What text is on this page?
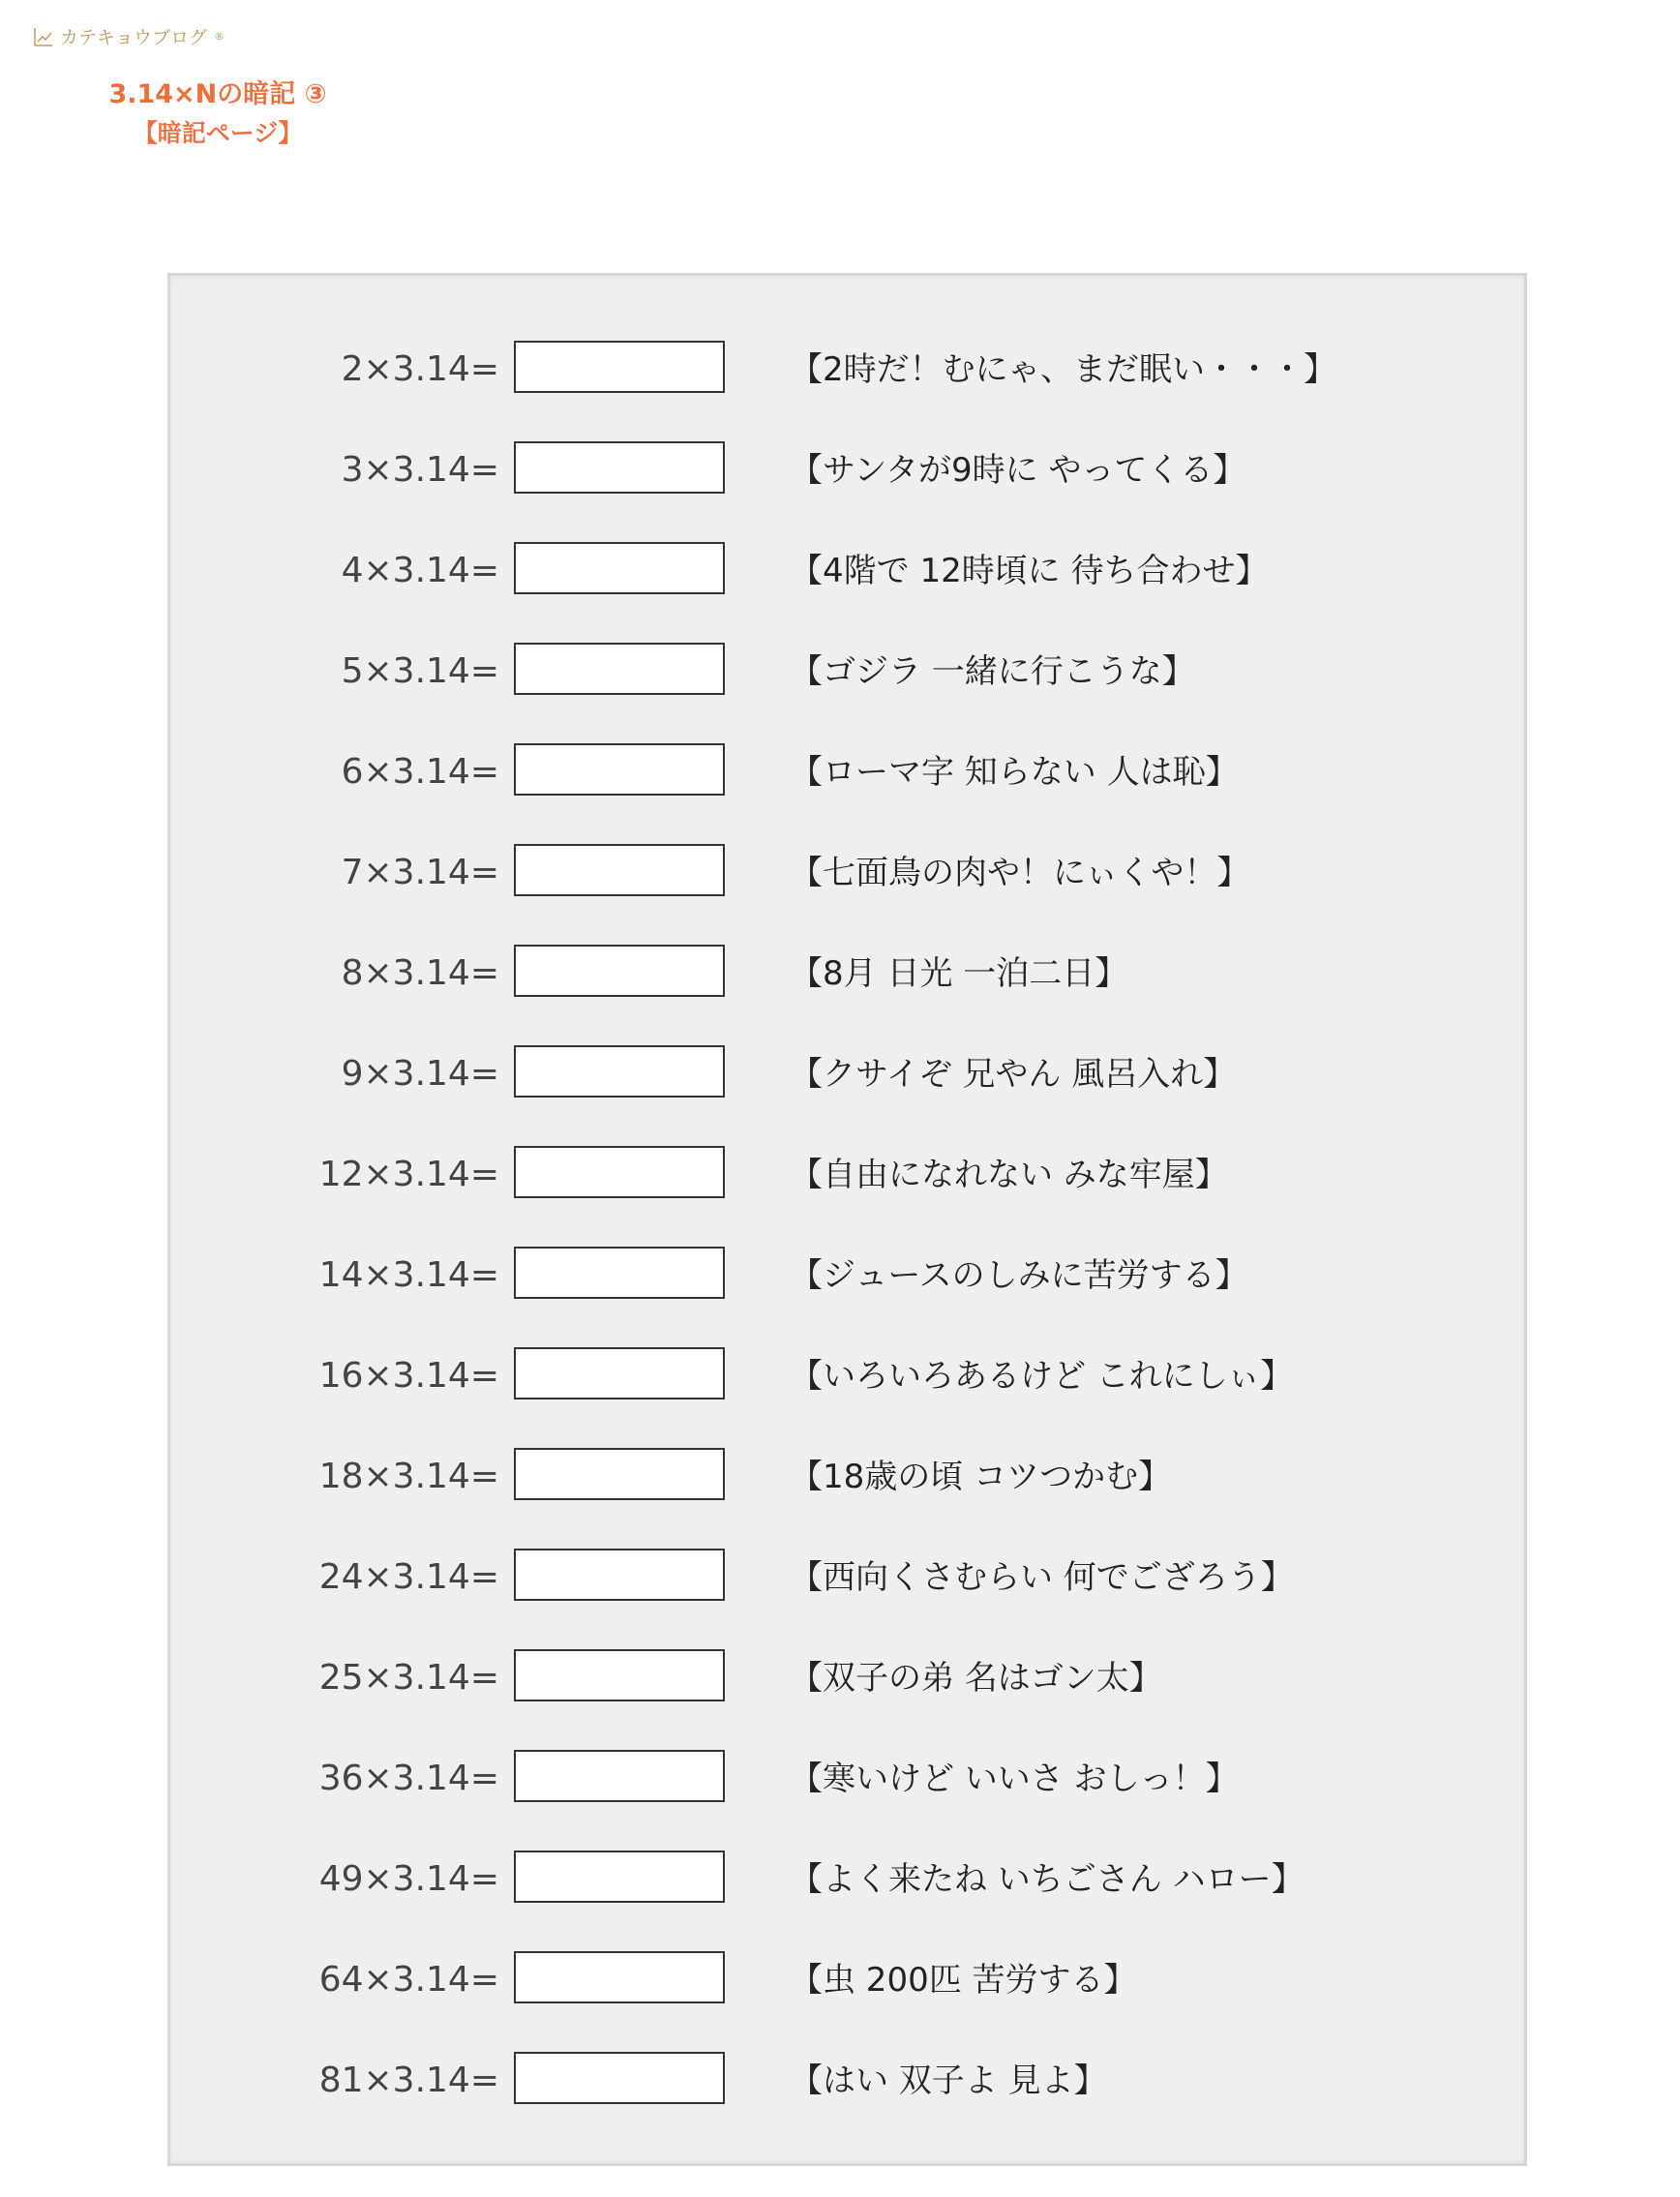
カテキョウブログ ®
3.14×Nの暗記 ③
【暗記ページ】
2×3.14=	【2時だ！むにゃ、まだ眠い・・・】
3×3.14=	【サンタが9時に やってくる】
4×3.14=	【4階で 12時頃に 待ち合わせ】
5×3.14=	【ゴジラ 一緒に行こうな】
6×3.14=	【ローマ字 知らない 人は恥】
7×3.14=	【七面鳥の肉や！にぃくや！】
8×3.14=	【8月 日光 一泊二日】
9×3.14=	【クサイぞ 兄やん 風呂入れ】
12×3.14=	【自由になれない みな牢屋】
14×3.14=	【ジュースのしみに苦労する】
16×3.14=	【いろいろあるけど これにしぃ】
18×3.14=	【18歳の頃 コツつかむ】
24×3.14=	【西向くさむらい 何でござろう】
25×3.14=	【双子の弟 名はゴン太】
36×3.14=	【寒いけど いいさ おしっ！】
49×3.14=	【よく来たね いちごさん ハロー】
64×3.14=	【虫 200匹 苦労する】
81×3.14=	【はい 双子よ 見よ】
